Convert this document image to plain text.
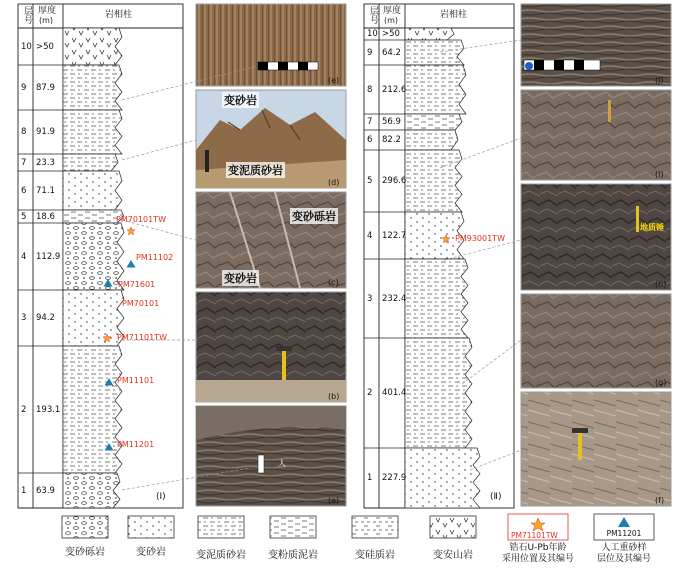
层号 厚度
(m)
岩相柱	层号 厚度
(m)
岩相柱
10 >50
9 87.9
8 91.9
7 23.3
6 71.1
5 18.6
4 112.9
3 94.2
2 193.1
1 63.9
10 >50
9 64.2
8 212.6
7 56.9
6 82.2
5 296.6
4 122.7
3 232.4
2 401.4
1 227.9
PM70101TW
PM11102
PM71601
PM70101
PM71101TW
PM11101
PM11201
PM93001TW
(Ⅰ)	(Ⅱ)
(e)
(d)
(c)
(b)
(a)
变砂岩
变泥质砂岩
变砂砾岩
变砂岩
人
(j)
(i)
(h)
(g)
(f)
地质锤
变砂砾岩	变砂岩	变泥质砂岩	变粉质泥岩	变硅质岩	变安山岩
PM71101TW
锆石U-Pb年龄
采用位置及其编号
PM11201
人工重砂样
层位及其编号
